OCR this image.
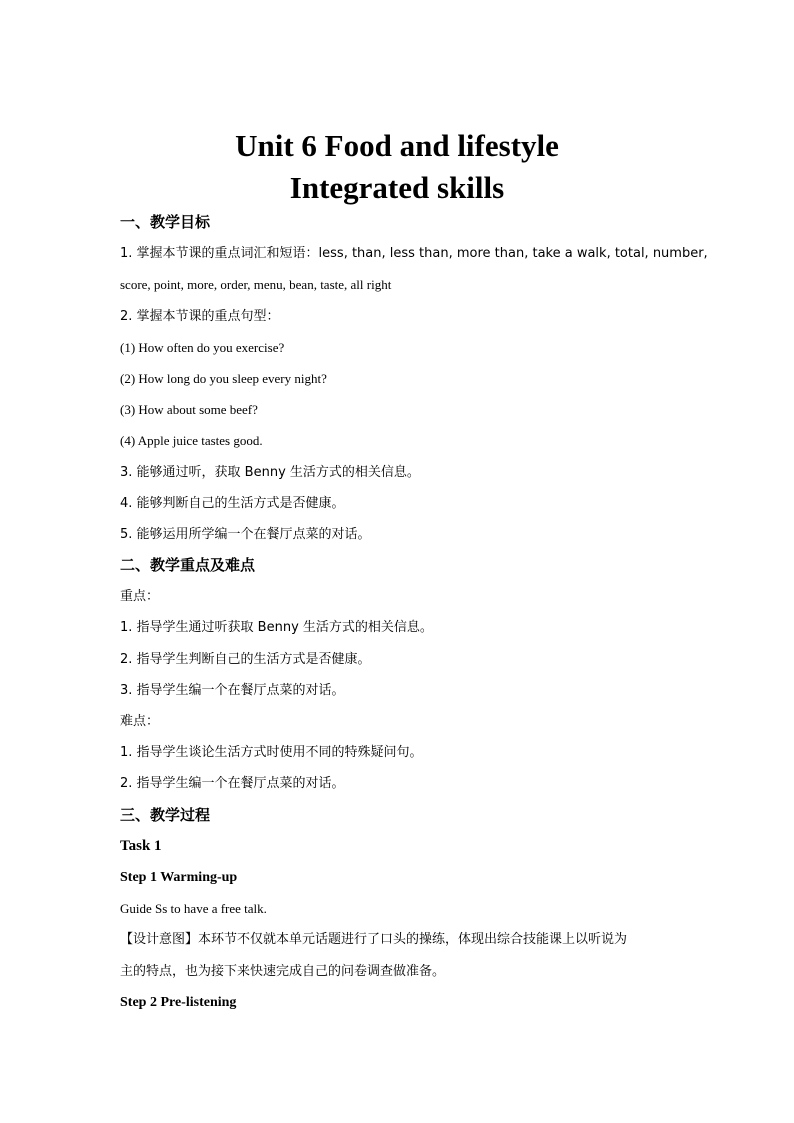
Unit 6 Food and lifestyle
Integrated skills
一、教学目标
1. 掌握本节课的重点词汇和短语：less, than, less than, more than, take a walk, total, number,
score, point, more, order, menu, bean, taste, all right
2. 掌握本节课的重点句型：
(1) How often do you exercise?
(2) How long do you sleep every night?
(3) How about some beef?
(4) Apple juice tastes good.
3. 能够通过听，获取 Benny 生活方式的相关信息。
4. 能够判断自己的生活方式是否健康。
5. 能够运用所学编一个在餐厅点菜的对话。
二、教学重点及难点
重点：
1. 指导学生通过听获取 Benny 生活方式的相关信息。
2. 指导学生判断自己的生活方式是否健康。
3. 指导学生编一个在餐厅点菜的对话。
难点：
1. 指导学生谈论生活方式时使用不同的特殊疑问句。
2. 指导学生编一个在餐厅点菜的对话。
三、教学过程
Task 1
Step 1 Warming-up
Guide Ss to have a free talk.
【设计意图】本环节不仅就本单元话题进行了口头的操练，体现出综合技能课上以听说为
主的特点，也为接下来快速完成自己的问卷调查做准备。
Step 2 Pre-listening
